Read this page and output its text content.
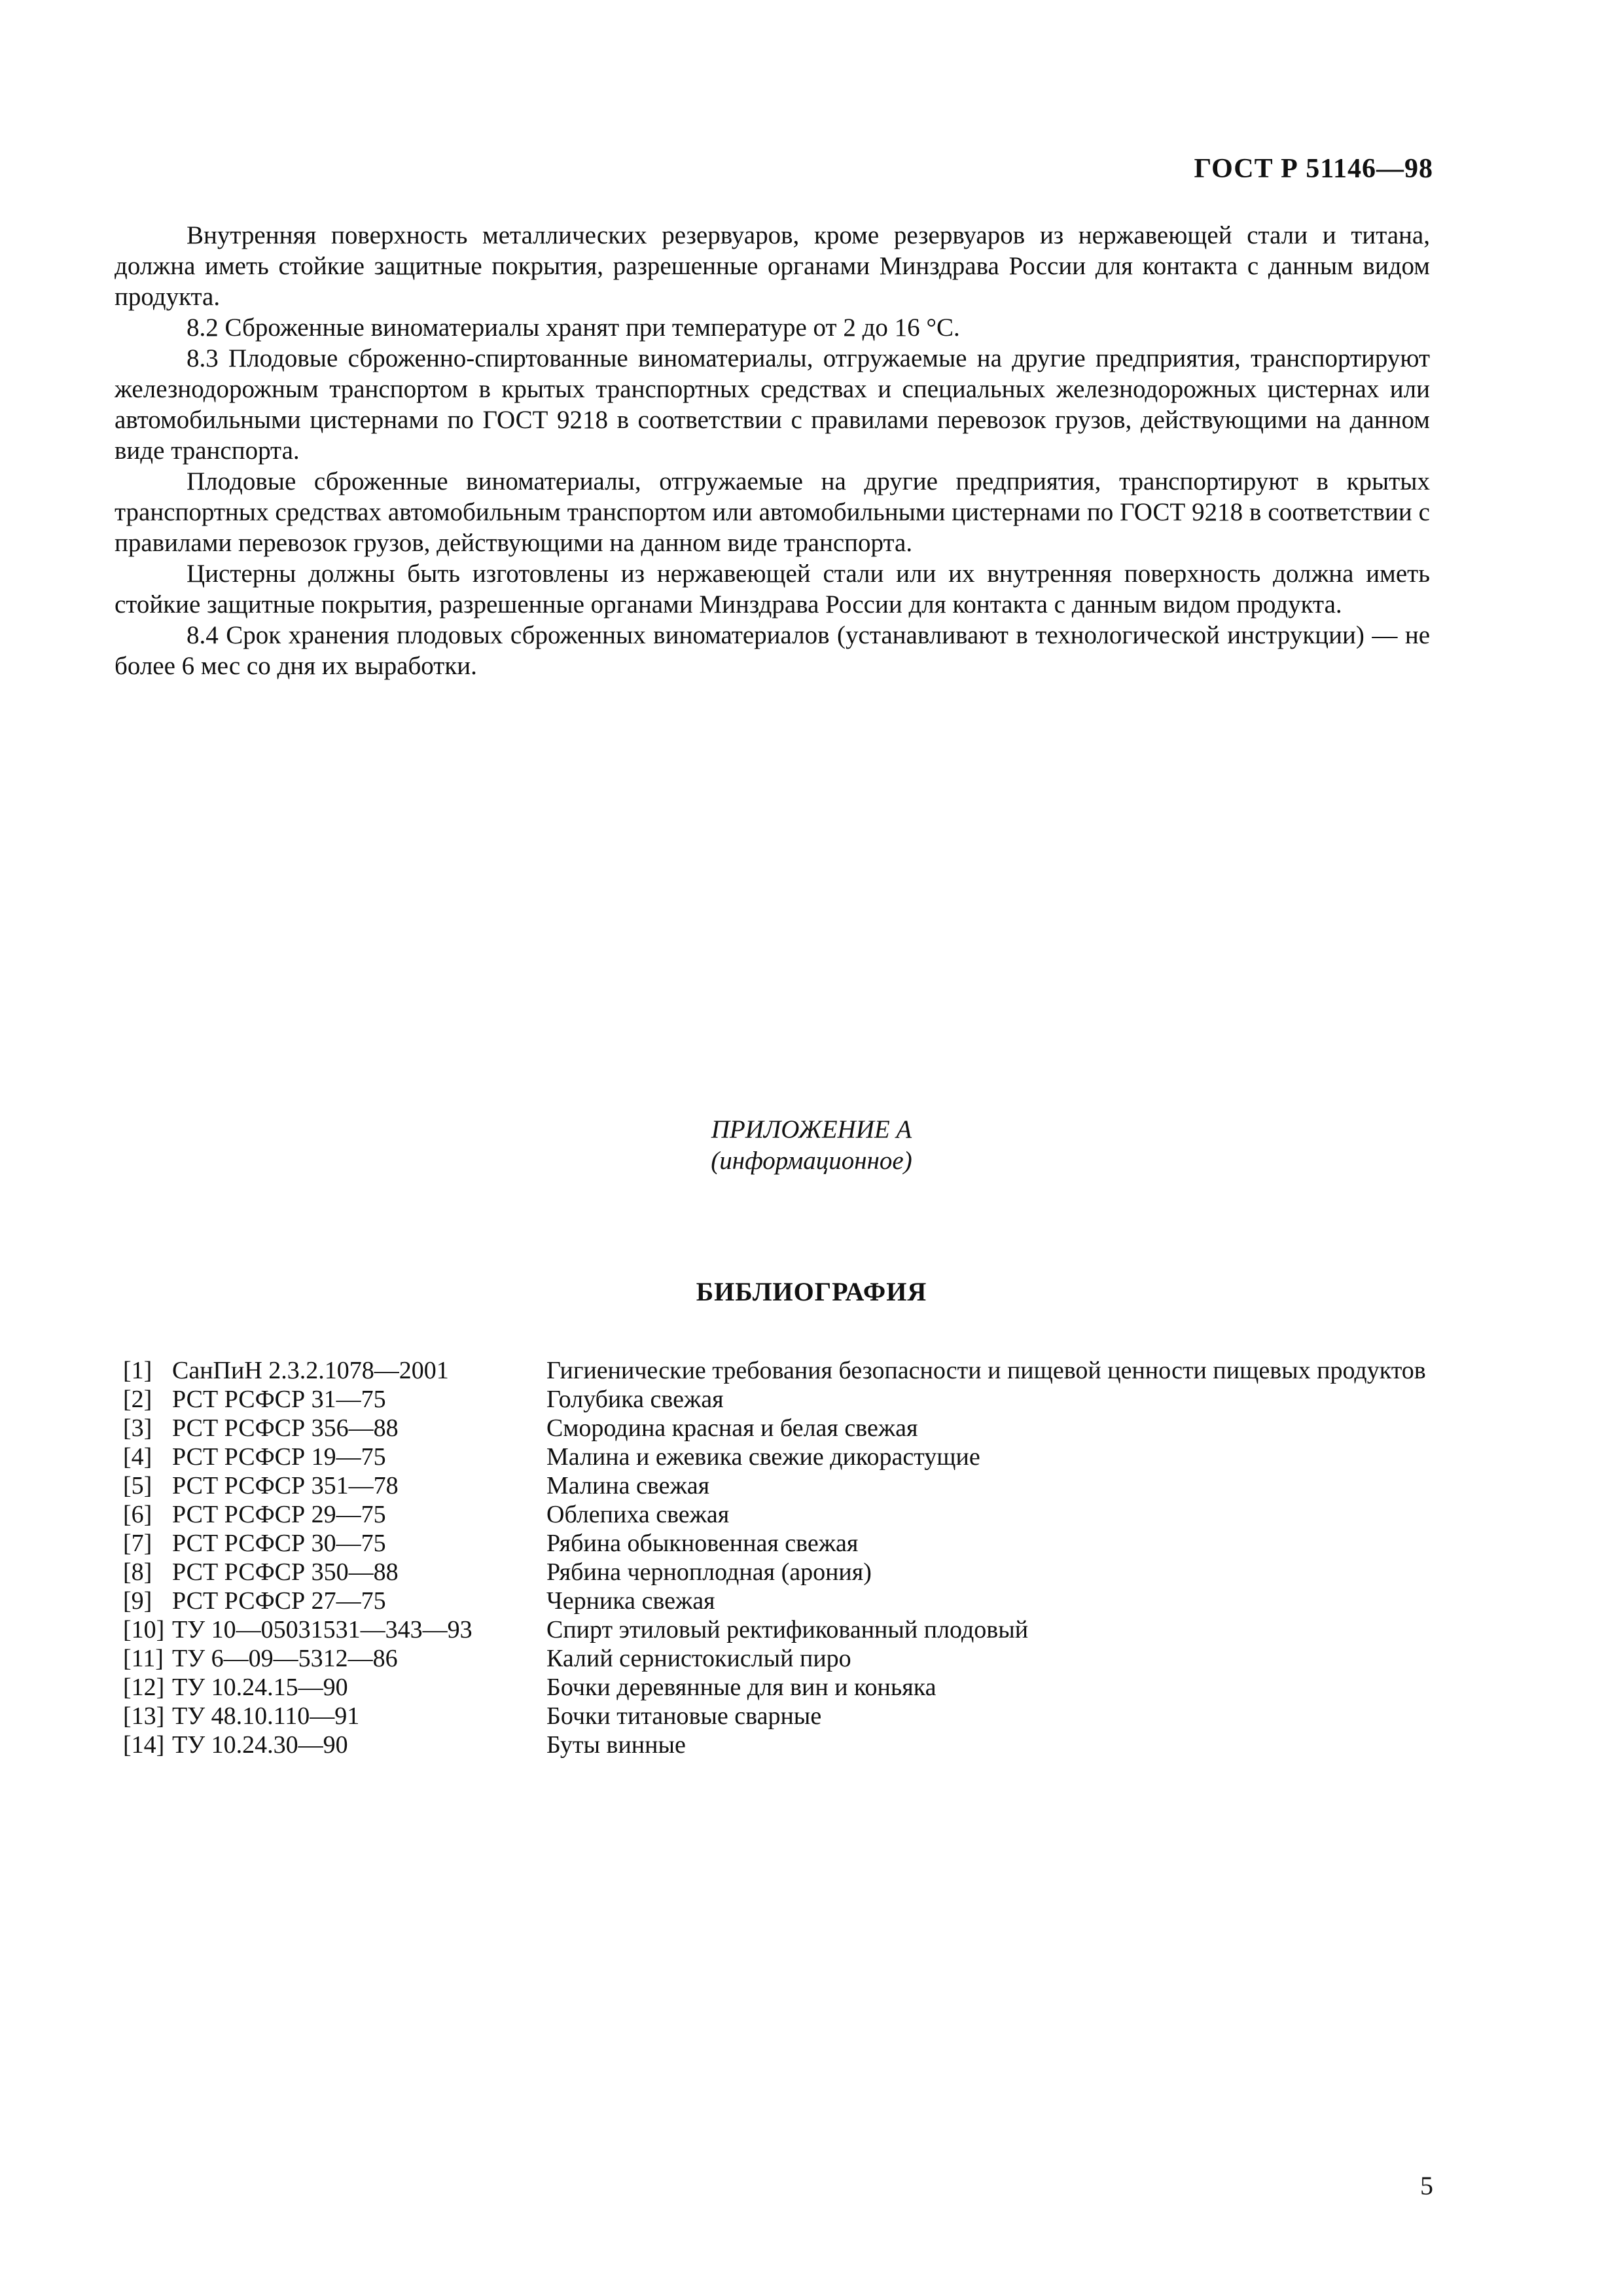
ГОСТ Р 51146—98

Внутренняя поверхность металлических резервуаров, кроме резервуаров из нержавеющей стали и титана, должна иметь стойкие защитные покрытия, разрешенные органами Минздрава России для контакта с данным видом продукта.

8.2 Сброженные виноматериалы хранят при температуре от 2 до 16 °С.

8.3 Плодовые сброженно-спиртованные виноматериалы, отгружаемые на другие предприятия, транспортируют железнодорожным транспортом в крытых транспортных средствах и специальных железнодорожных цистернах или автомобильными цистернами по ГОСТ 9218 в соответствии с правилами перевозок грузов, действующими на данном виде транспорта.

Плодовые сброженные виноматериалы, отгружаемые на другие предприятия, транспортируют в крытых транспортных средствах автомобильным транспортом или автомобильными цистернами по ГОСТ 9218 в соответствии с правилами перевозок грузов, действующими на данном виде транспорта.

Цистерны должны быть изготовлены из нержавеющей стали или их внутренняя поверхность должна иметь стойкие защитные покрытия, разрешенные органами Минздрава России для контакта с данным видом продукта.

8.4 Срок хранения плодовых сброженных виноматериалов (устанавливают в технологической инструкции) — не более 6 мес со дня их выработки.

ПРИЛОЖЕНИЕ А
(информационное)
БИБЛИОГРАФИЯ
[1] СанПиН 2.3.2.1078—2001	Гигиенические требования безопасности и пищевой ценности пищевых продуктов
[2] РСТ РСФСР 31—75	Голубика свежая
[3] РСТ РСФСР 356—88	Смородина красная и белая свежая
[4] РСТ РСФСР 19—75	Малина и ежевика свежие дикорастущие
[5] РСТ РСФСР 351—78	Малина свежая
[6] РСТ РСФСР 29—75	Облепиха свежая
[7] РСТ РСФСР 30—75	Рябина обыкновенная свежая
[8] РСТ РСФСР 350—88	Рябина черноплодная (арония)
[9] РСТ РСФСР 27—75	Черника свежая
[10] ТУ 10—05031531—343—93	Спирт этиловый ректификованный плодовый
[11] ТУ 6—09—5312—86	Калий сернистокислый пиро
[12] ТУ 10.24.15—90	Бочки деревянные для вин и коньяка
[13] ТУ 48.10.110—91	Бочки титановые сварные
[14] ТУ 10.24.30—90	Буты винные
5
